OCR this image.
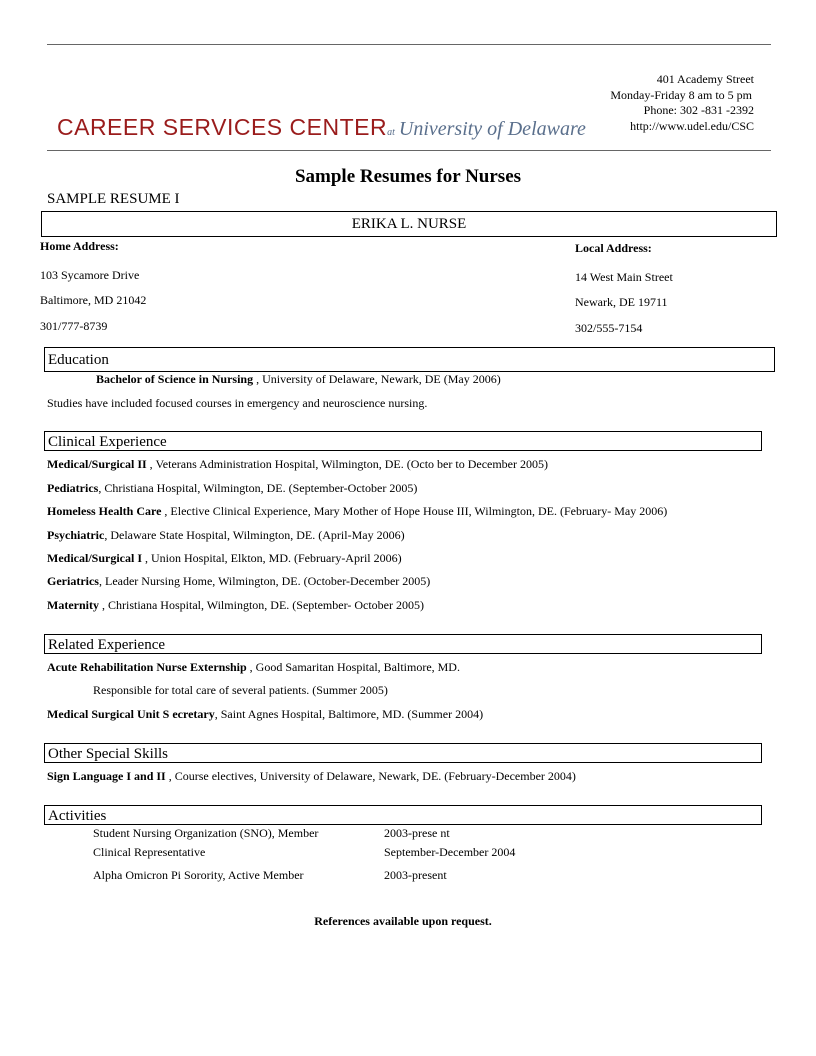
401 Academy Street
Monday-Friday 8 am to 5 pm
Phone: 302 -831 -2392
http://www.udel.edu/CSC
CAREER SERVICES CENTERat University of Delaware
Sample Resumes for Nurses
SAMPLE RESUME I
ERIKA L. NURSE
Home Address:
103 Sycamore Drive
Baltimore, MD 21042
301/777-8739
Local Address:
14 West Main Street
Newark, DE 19711
302/555-7154
Education
Bachelor of Science in Nursing , University of Delaware, Newark, DE (May 2006)
Studies have included focused courses in emergency and neuroscience nursing.
Clinical Experience
Medical/Surgical II , Veterans Administration Hospital, Wilmington, DE. (Octo ber to December 2005)
Pediatrics, Christiana Hospital, Wilmington, DE. (September-October 2005)
Homeless Health Care , Elective Clinical Experience, Mary Mother of Hope House III, Wilmington, DE. (February- May 2006)
Psychiatric, Delaware State Hospital, Wilmington, DE. (April-May 2006)
Medical/Surgical I , Union Hospital, Elkton, MD. (February-April 2006)
Geriatrics, Leader Nursing Home, Wilmington, DE. (October-December 2005)
Maternity , Christiana Hospital, Wilmington, DE. (September- October 2005)
Related Experience
Acute Rehabilitation Nurse Externship , Good Samaritan Hospital, Baltimore, MD.
Responsible for total care of several patients. (Summer 2005)
Medical Surgical Unit S ecretary, Saint Agnes Hospital, Baltimore, MD. (Summer 2004)
Other Special Skills
Sign Language I and II , Course electives, University of Delaware, Newark, DE. (February-December 2004)
Activities
Student Nursing Organization (SNO), Member	2003-prese nt
Clinical Representative	September-December 2004
Alpha Omicron Pi Sorority, Active Member	2003-present
References available upon request.
